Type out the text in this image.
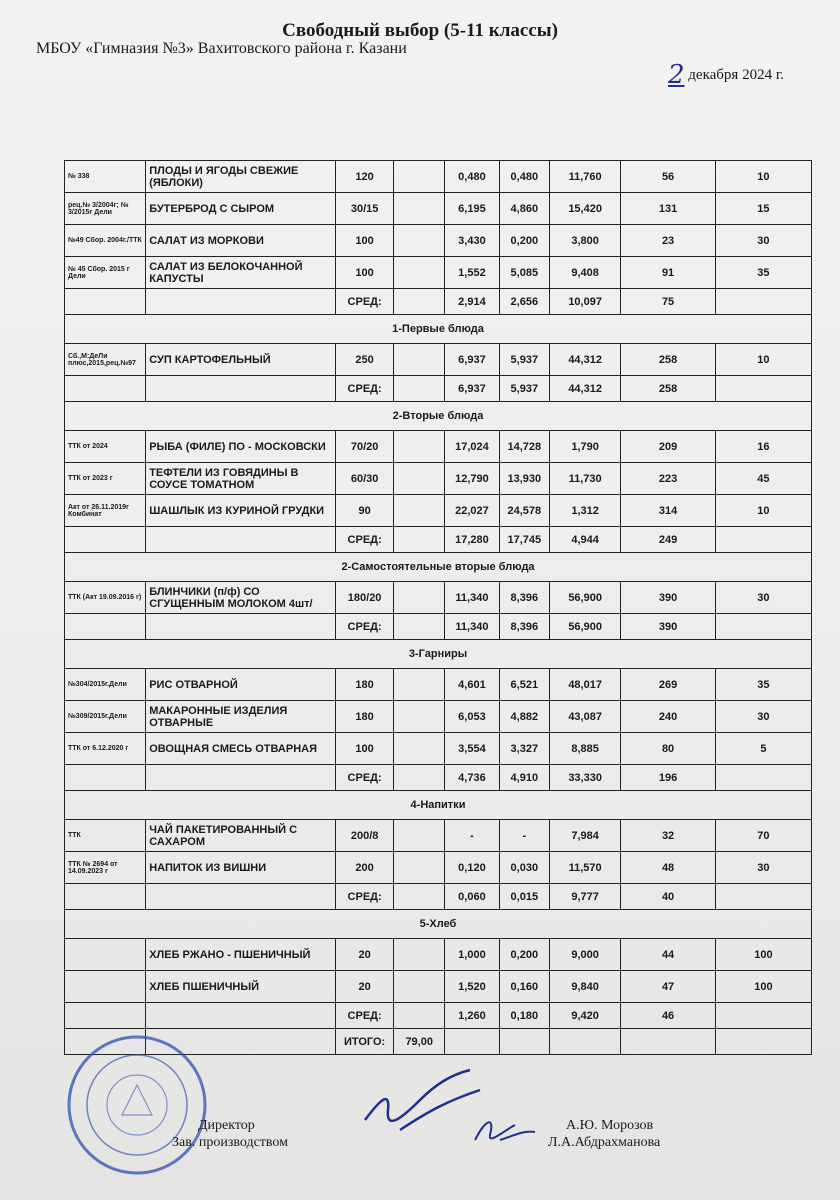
Свободный выбор (5-11 классы)
МБОУ «Гимназия №3» Вахитовского района г. Казани
2 декабря 2024 г.
№ 338	ПЛОДЫ И ЯГОДЫ СВЕЖИЕ (ЯБЛОКИ)	120		0,480	0,480	11,760	56	10
рец.№ 3/2004г; № 3/2015г Дели	БУТЕРБРОД С СЫРОМ	30/15		6,195	4,860	15,420	131	15
№49 Сбор. 2004г./ТТК	САЛАТ ИЗ МОРКОВИ	100		3,430	0,200	3,800	23	30
№ 45 Сбор. 2015 г Дели	САЛАТ ИЗ БЕЛОКОЧАННОЙ КАПУСТЫ	100		1,552	5,085	9,408	91	35
		СРЕД:		2,914	2,656	10,097	75	
1-Первые блюда								
Сб.,М:ДеЛи плюс,2015,рец.№97	СУП КАРТОФЕЛЬНЫЙ	250		6,937	5,937	44,312	258	10
		СРЕД:		6,937	5,937	44,312	258	
2-Вторые блюда								
ТТК от 2024	РЫБА (ФИЛЕ) ПО - МОСКОВСКИ	70/20		17,024	14,728	1,790	209	16
ТТК от 2023 г	ТЕФТЕЛИ ИЗ ГОВЯДИНЫ В СОУСЕ ТОМАТНОМ	60/30		12,790	13,930	11,730	223	45
Акт от 26.11.2019г Комбинат	ШАШЛЫК ИЗ КУРИНОЙ ГРУДКИ	90		22,027	24,578	1,312	314	10
		СРЕД:		17,280	17,745	4,944	249	
2-Самостоятельные вторые блюда								
ТТК (Акт 19.09.2016 г)	БЛИНЧИКИ (п/ф) СО СГУЩЕННЫМ МОЛОКОМ 4шт/	180/20		11,340	8,396	56,900	390	30
		СРЕД:		11,340	8,396	56,900	390	
3-Гарниры								
№304/2015г.Дели	РИС ОТВАРНОЙ	180		4,601	6,521	48,017	269	35
№309/2015г.Дели	МАКАРОННЫЕ ИЗДЕЛИЯ ОТВАРНЫЕ	180		6,053	4,882	43,087	240	30
ТТК от 6.12.2020 г	ОВОЩНАЯ СМЕСЬ ОТВАРНАЯ	100		3,554	3,327	8,885	80	5
		СРЕД:		4,736	4,910	33,330	196	
4-Напитки								
ТТК	ЧАЙ ПАКЕТИРОВАННЫЙ С САХАРОМ	200/8		-	-	7,984	32	70
ТТК № 2694 от 14.09.2023 г	НАПИТОК ИЗ ВИШНИ	200		0,120	0,030	11,570	48	30
		СРЕД:		0,060	0,015	9,777	40	
5-Хлеб								
	ХЛЕБ РЖАНО - ПШЕНИЧНЫЙ	20		1,000	0,200	9,000	44	100
	ХЛЕБ ПШЕНИЧНЫЙ	20		1,520	0,160	9,840	47	100
		СРЕД:		1,260	0,180	9,420	46	
		ИТОГО:	79,00					
Директор	А.Ю. Морозов
Зав. производством	Л.А.Абдрахманова
